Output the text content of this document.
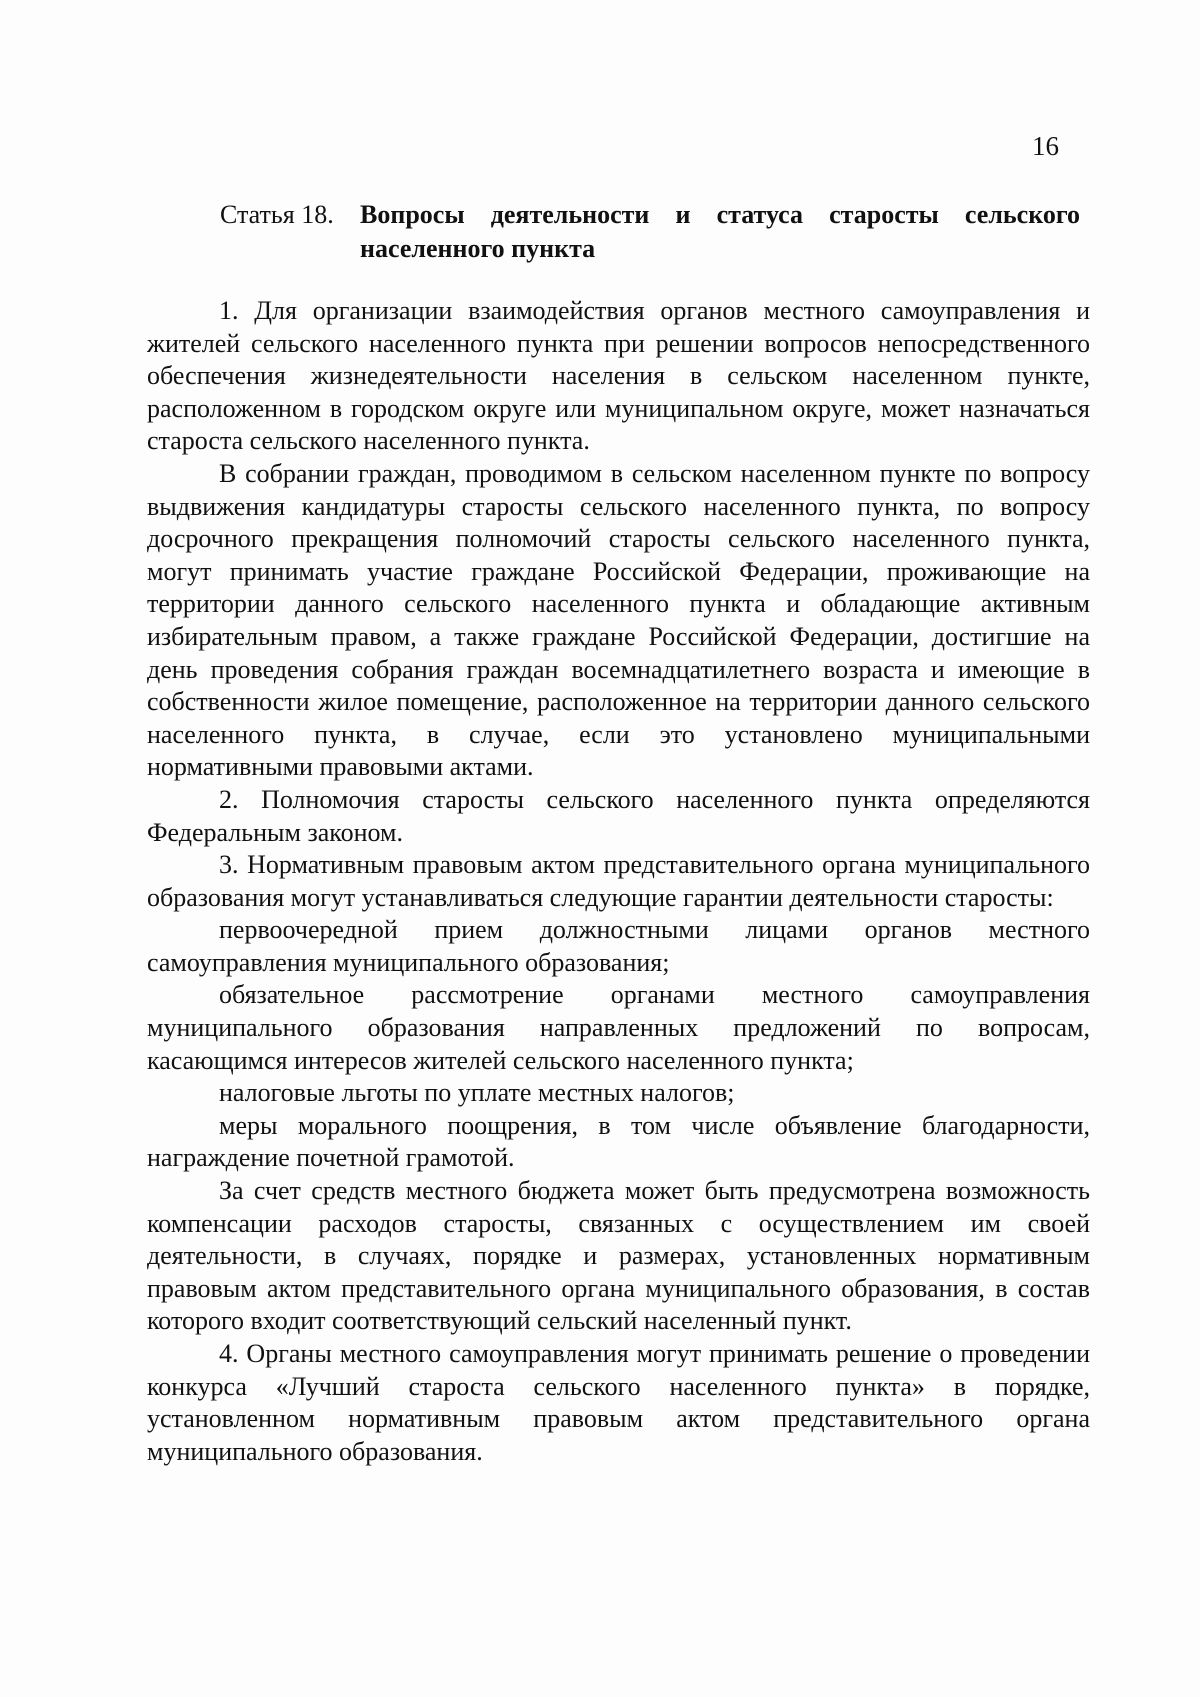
16
Статья 18. Вопросы деятельности и статуса старосты сельского населенного пункта

1. Для организации взаимодействия органов местного самоуправления и жителей сельского населенного пункта при решении вопросов непосредственного обеспечения жизнедеятельности населения в сельском населенном пункте, расположенном в городском округе или муниципальном округе, может назначаться староста сельского населенного пункта.

В собрании граждан, проводимом в сельском населенном пункте по вопросу выдвижения кандидатуры старосты сельского населенного пункта, по вопросу досрочного прекращения полномочий старосты сельского населенного пункта, могут принимать участие граждане Российской Федерации, проживающие на территории данного сельского населенного пункта и обладающие активным избирательным правом, а также граждане Российской Федерации, достигшие на день проведения собрания граждан восемнадцатилетнего возраста и имеющие в собственности жилое помещение, расположенное на территории данного сельского населенного пункта, в случае, если это установлено муниципальными нормативными правовыми актами.

2. Полномочия старосты сельского населенного пункта определяются Федеральным законом.

3. Нормативным правовым актом представительного органа муниципального образования могут устанавливаться следующие гарантии деятельности старосты:

первоочередной прием должностными лицами органов местного самоуправления муниципального образования;

обязательное рассмотрение органами местного самоуправления муниципального образования направленных предложений по вопросам, касающимся интересов жителей сельского населенного пункта;

налоговые льготы по уплате местных налогов;

меры морального поощрения, в том числе объявление благодарности, награждение почетной грамотой.

За счет средств местного бюджета может быть предусмотрена возможность компенсации расходов старосты, связанных с осуществлением им своей деятельности, в случаях, порядке и размерах, установленных нормативным правовым актом представительного органа муниципального образования, в состав которого входит соответствующий сельский населенный пункт.

4. Органы местного самоуправления могут принимать решение о проведении конкурса «Лучший староста сельского населенного пункта» в порядке, установленном нормативным правовым актом представительного органа муниципального образования.
